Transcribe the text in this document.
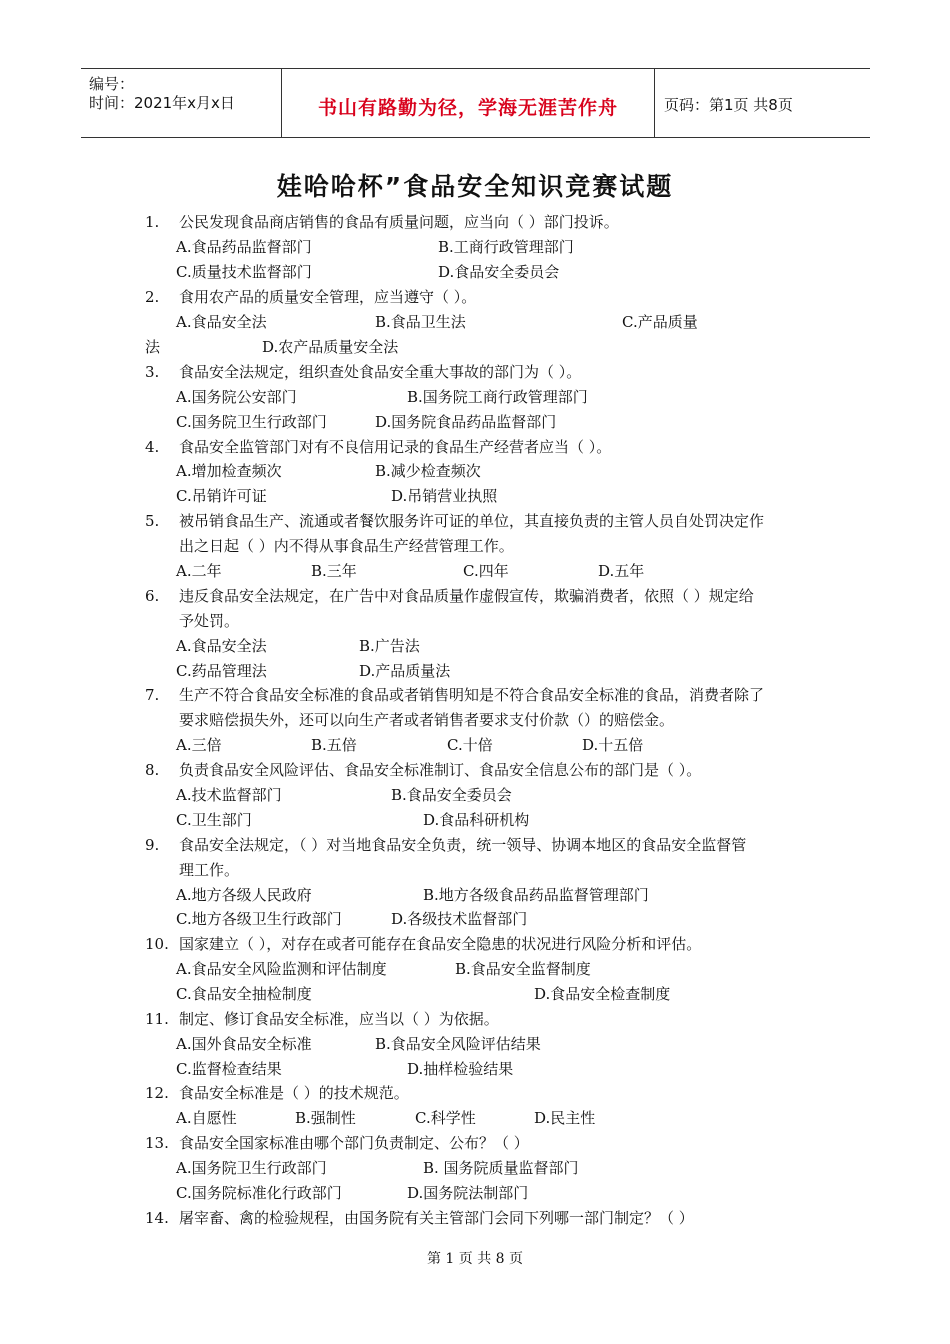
编号：
时间：2021年x月x日	书山有路勤为径，学海无涯苦作舟	页码：第1页 共8页
娃哈哈杯”食品安全知识竞赛试题
1. 公民发现食品商店销售的食品有质量问题，应当向（ ）部门投诉。
A.食品药品监督部门	B.工商行政管理部门
C.质量技术监督部门	D.食品安全委员会
2. 食用农产品的质量安全管理，应当遵守（ ）。
A.食品安全法	B.食品卫生法	C.产品质量
法	D.农产品质量安全法
3. 食品安全法规定，组织查处食品安全重大事故的部门为（ ）。
A.国务院公安部门	B.国务院工商行政管理部门
C.国务院卫生行政部门	D.国务院食品药品监督部门
4. 食品安全监管部门对有不良信用记录的食品生产经营者应当（ ）。
A.增加检查频次	B.减少检查频次
C.吊销许可证	D.吊销营业执照
5. 被吊销食品生产、流通或者餐饮服务许可证的单位，其直接负责的主管人员自处罚决定作
出之日起（ ）内不得从事食品生产经营管理工作。
A.二年	B.三年	C.四年	D.五年
6. 违反食品安全法规定，在广告中对食品质量作虚假宣传，欺骗消费者，依照（ ）规定给
予处罚。
A.食品安全法	B.广告法
C.药品管理法	D.产品质量法
7. 生产不符合食品安全标准的食品或者销售明知是不符合食品安全标准的食品，消费者除了
要求赔偿损失外，还可以向生产者或者销售者要求支付价款（）的赔偿金。
A.三倍	B.五倍	C.十倍	D.十五倍
8. 负责食品安全风险评估、食品安全标准制订、食品安全信息公布的部门是（ ）。
A.技术监督部门	B.食品安全委员会
C.卫生部门	D.食品科研机构
9. 食品安全法规定，（ ）对当地食品安全负责，统一领导、协调本地区的食品安全监督管
理工作。
A.地方各级人民政府	B.地方各级食品药品监督管理部门
C.地方各级卫生行政部门	D.各级技术监督部门
10. 国家建立（ ），对存在或者可能存在食品安全隐患的状况进行风险分析和评估。
A.食品安全风险监测和评估制度	B.食品安全监督制度
C.食品安全抽检制度	D.食品安全检查制度
11. 制定、修订食品安全标准，应当以（ ）为依据。
A.国外食品安全标准	B.食品安全风险评估结果
C.监督检查结果	D.抽样检验结果
12. 食品安全标准是（ ）的技术规范。
A.自愿性	B.强制性	C.科学性	D.民主性
13. 食品安全国家标准由哪个部门负责制定、公布？（ ）
A.国务院卫生行政部门	B. 国务院质量监督部门
C.国务院标准化行政部门	D.国务院法制部门
14. 屠宰畜、禽的检验规程，由国务院有关主管部门会同下列哪一部门制定？（ ）
第 1 页 共 8 页
